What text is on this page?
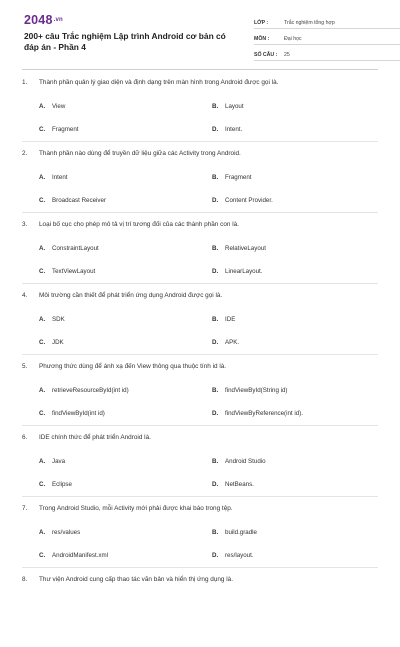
$2048^{.vn}$
200+ câu Trắc nghiệm Lập trình Android cơ bản có đáp án - Phần 4
LỚP :	Trắc nghiệm tổng hợp
MÔN :	Đại học
SỐ CÂU :	25
1. Thành phần quản lý giao diện và định dạng trên màn hình trong Android được gọi là.
A. View	B. Layout
C. Fragment	D. Intent.
2. Thành phần nào dùng để truyền dữ liệu giữa các Activity trong Android.
A. Intent	B. Fragment
C. Broadcast Receiver	D. Content Provider.
3. Loại bố cục cho phép mô tả vị trí tương đối của các thành phần con là.
A. ConstraintLayout	B. RelativeLayout
C. TextViewLayout	D. LinearLayout.
4. Môi trường cần thiết để phát triển ứng dụng Android được gọi là.
A. SDK	B. IDE
C. JDK	D. APK.
5. Phương thức dùng để ánh xạ đến View thông qua thuộc tính id là.
A. retrieveResourceById(int id)	B. findViewById(String id)
C. findViewById(int id)	D. findViewByReference(int id).
6. IDE chính thức để phát triển Android là.
A. Java	B. Android Studio
C. Eclipse	D. NetBeans.
7. Trong Android Studio, mỗi Activity mới phải được khai báo trong tệp.
A. res/values	B. build.gradle
C. AndroidManifest.xml	D. res/layout.
8. Thư viện Android cung cấp thao tác văn bản và hiển thị ứng dụng là.
